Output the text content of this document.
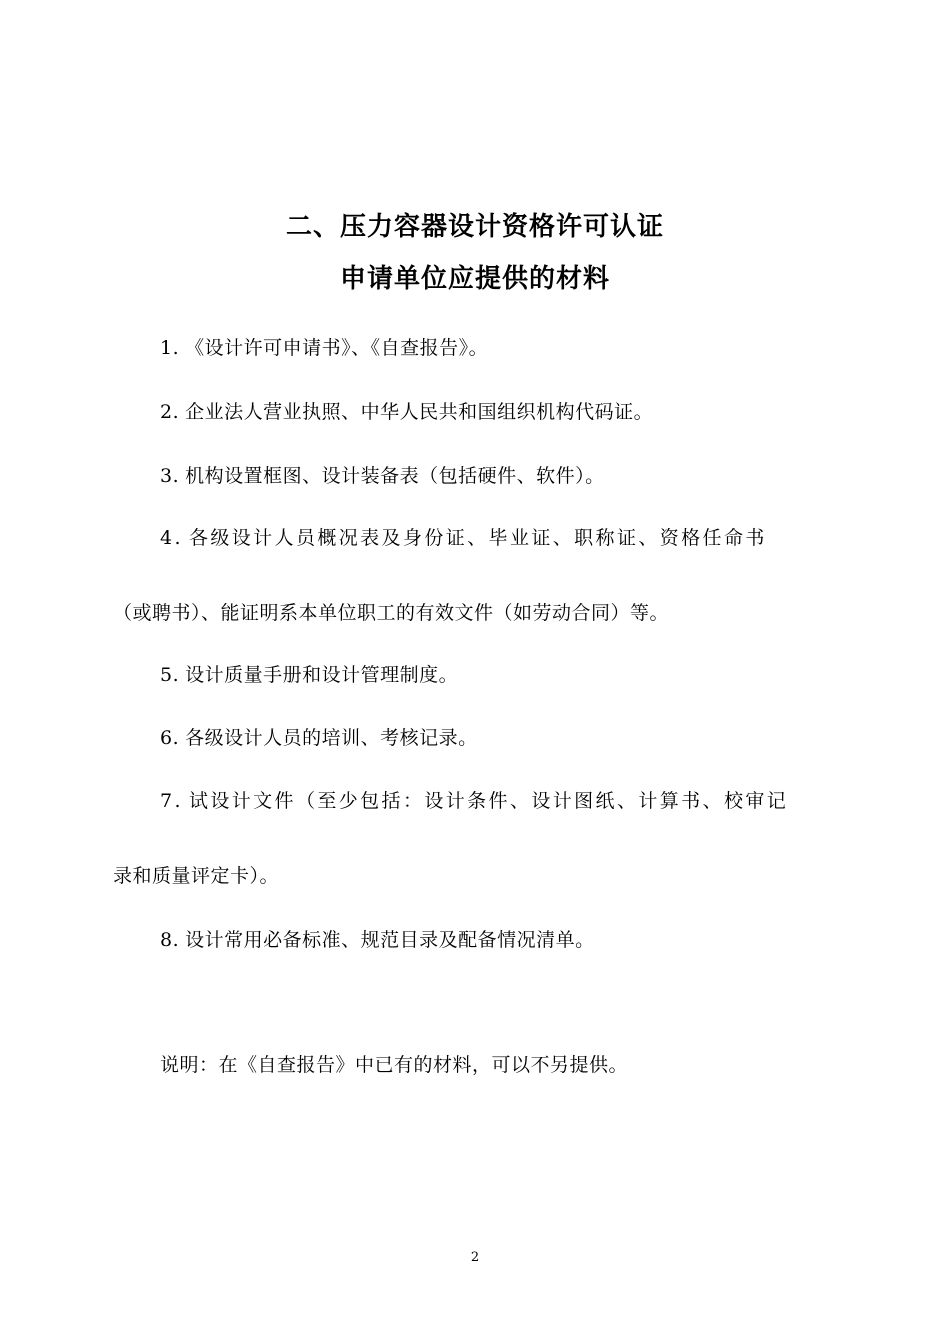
二、压力容器设计资格许可认证
申请单位应提供的材料
1. 《设计许可申请书》、《自查报告》。
2. 企业法人营业执照、中华人民共和国组织机构代码证。
3. 机构设置框图、设计装备表（包括硬件、软件）。
4. 各级设计人员概况表及身份证、毕业证、职称证、资格任命书
（或聘书）、能证明系本单位职工的有效文件（如劳动合同）等。
5. 设计质量手册和设计管理制度。
6. 各级设计人员的培训、考核记录。
7. 试设计文件（至少包括：设计条件、设计图纸、计算书、校审记
录和质量评定卡）。
8. 设计常用必备标准、规范目录及配备情况清单。
说明：在《自查报告》中已有的材料，可以不另提供。
2
